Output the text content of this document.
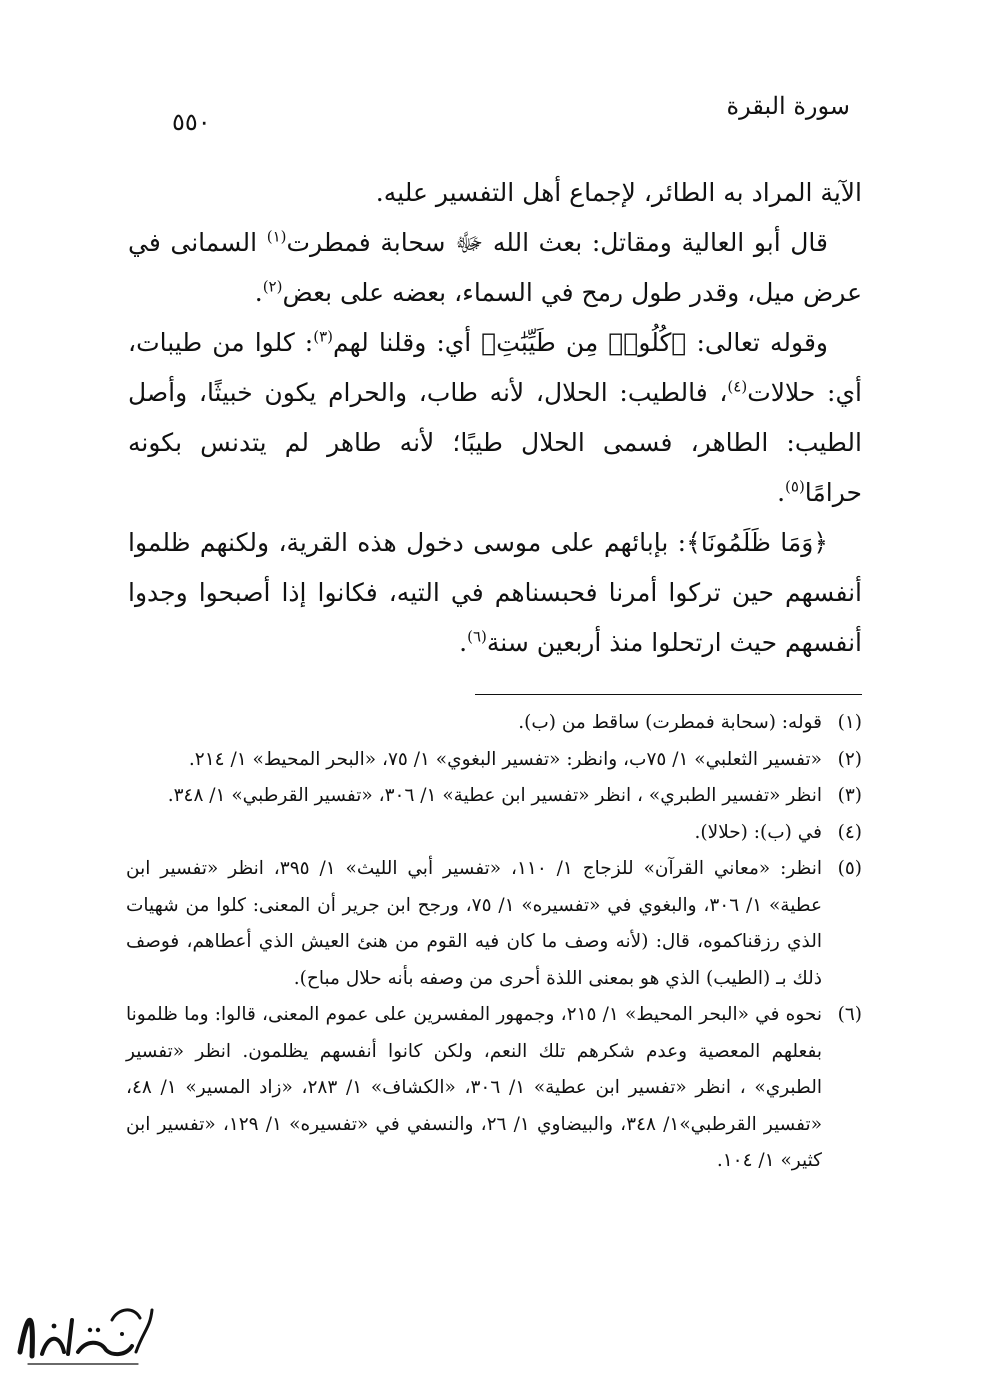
سورة البقرة
٥٥٠

الآية المراد به الطائر، لإجماع أهل التفسير عليه.

قال أبو العالية ومقاتل: بعث الله ﷻ سحابة فمطرت$^{(١)}$ السمانى في عرض ميل، وقدر طول رمح في السماء، بعضه على بعض$^{(٢)}$.

وقوله تعالى: ﴿كُلُوا۟ مِن طَيِّبَٰتِ﴾ أي: وقلنا لهم$^{(٣)}$: كلوا من طيبات، أي: حلالات$^{(٤)}$، فالطيب: الحلال، لأنه طاب، والحرام يكون خبيثًا، وأصل الطيب: الطاهر، فسمى الحلال طيبًا؛ لأنه طاهر لم يتدنس بكونه حرامًا$^{(٥)}$.

﴿وَمَا ظَلَمُونَا﴾: بإبائهم على موسى دخول هذه القرية، ولكنهم ظلموا أنفسهم حين تركوا أمرنا فحبسناهم في التيه، فكانوا إذا أصبحوا وجدوا أنفسهم حيث ارتحلوا منذ أربعين سنة$^{(٦)}$.

(١)
قوله: (سحابة فمطرت) ساقط من (ب).
(٢)
«تفسير الثعلبي» ١/ ٧٥ب، وانظر: «تفسير البغوي» ١/ ٧٥، «البحر المحيط» ١/ ٢١٤.
(٣)
انظر «تفسير الطبري» ، انظر «تفسير ابن عطية» ١/ ٣٠٦، «تفسير القرطبي» ١/ ٣٤٨.
(٤)
في (ب): (حلالا).
(٥)
انظر: «معاني القرآن» للزجاج ١/ ١١٠، «تفسير أبي الليث» ١/ ٣٩٥، انظر «تفسير ابن عطية» ١/ ٣٠٦، والبغوي في «تفسيره» ١/ ٧٥، ورجح ابن جرير أن المعنى: كلوا من شهيات الذي رزقناكموه، قال: (لأنه وصف ما كان فيه القوم من هنئ العيش الذي أعطاهم، فوصف ذلك بـ (الطيب) الذي هو بمعنى اللذة أحرى من وصفه بأنه حلال مباح).
(٦)
نحوه في «البحر المحيط» ١/ ٢١٥، وجمهور المفسرين على عموم المعنى، قالوا: وما ظلمونا بفعلهم المعصية وعدم شكرهم تلك النعم، ولكن كانوا أنفسهم يظلمون. انظر «تفسير الطبري» ، انظر «تفسير ابن عطية» ١/ ٣٠٦، «الكشاف» ١/ ٢٨٣، «زاد المسير» ١/ ٤٨، «تفسير القرطبي»١/ ٣٤٨، والبيضاوي ١/ ٢٦، والنسفي في «تفسيره» ١/ ١٢٩، «تفسير ابن كثير» ١/ ١٠٤.
